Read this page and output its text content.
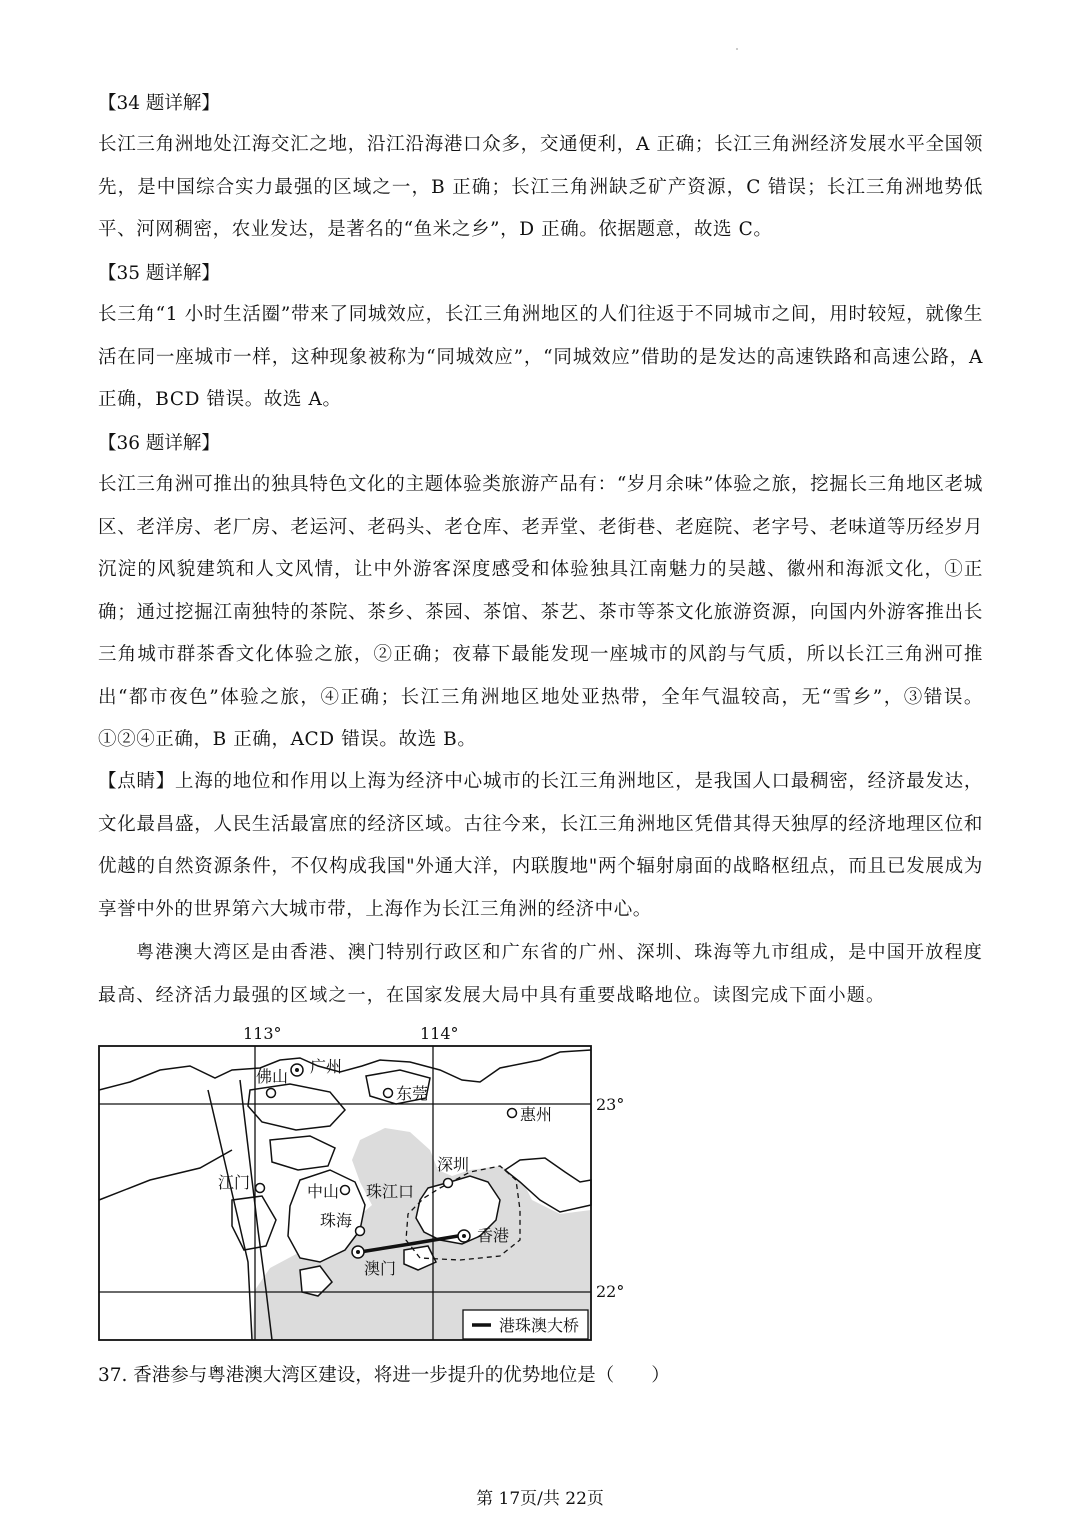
【34 题详解】

长江三角洲地处江海交汇之地，沿江沿海港口众多，交通便利，A 正确；长江三角洲经济发展水平全国领先，是中国综合实力最强的区域之一，B 正确；长江三角洲缺乏矿产资源，C 错误；长江三角洲地势低平、河网稠密，农业发达，是著名的“鱼米之乡”，D 正确。依据题意，故选 C。

【35 题详解】

长三角“1 小时生活圈”带来了同城效应，长江三角洲地区的人们往返于不同城市之间，用时较短，就像生活在同一座城市一样，这种现象被称为“同城效应”，“同城效应”借助的是发达的高速铁路和高速公路，A 正确，BCD 错误。故选 A。

【36 题详解】

长江三角洲可推出的独具特色文化的主题体验类旅游产品有：“岁月余味”体验之旅，挖掘长三角地区老城区、老洋房、老厂房、老运河、老码头、老仓库、老弄堂、老街巷、老庭院、老字号、老味道等历经岁月沉淀的风貌建筑和人文风情，让中外游客深度感受和体验独具江南魅力的吴越、徽州和海派文化，①正确；通过挖掘江南独特的茶院、茶乡、茶园、茶馆、茶艺、茶市等茶文化旅游资源，向国内外游客推出长三角城市群茶香文化体验之旅，②正确；夜幕下最能发现一座城市的风韵与气质，所以长江三角洲可推出“都市夜色”体验之旅，④正确；长江三角洲地区地处亚热带，全年气温较高，无“雪乡”，③错误。①②④正确，B 正确，ACD 错误。故选 B。

【点睛】上海的地位和作用以上海为经济中心城市的长江三角洲地区，是我国人口最稠密，经济最发达，文化最昌盛，人民生活最富庶的经济区域。古往今来，长江三角洲地区凭借其得天独厚的经济地理区位和优越的自然资源条件，不仅构成我国"外通大洋，内联腹地"两个辐射扇面的战略枢纽点，而且已发展成为享誉中外的世界第六大城市带，上海作为长江三角洲的经济中心。

粤港澳大湾区是由香港、澳门特别行政区和广东省的广州、深圳、珠海等九市组成，是中国开放程度最高、经济活力最强的区域之一，在国家发展大局中具有重要战略地位。读图完成下面小题。

113°	114°
23°
22°
广州
佛山
东莞
惠州
深圳
江门	中山 珠江口
珠海
香港
澳门
港珠澳大桥

37. 香港参与粤港澳大湾区建设，将进一步提升的优势地位是（　　）

第 17页/共 22页
